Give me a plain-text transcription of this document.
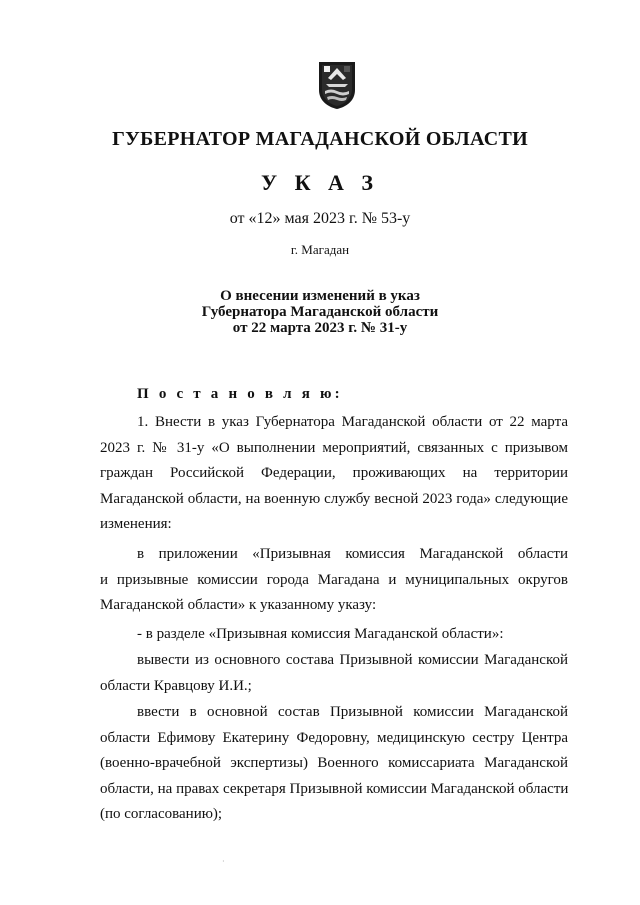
ГУБЕРНАТОР МАГАДАНСКОЙ ОБЛАСТИ
У К А З
от «12» мая 2023 г. № 53-у
г. Магадан
О внесении изменений в указ
Губернатора Магаданской области
от 22 марта 2023 г. № 31-у
П о с т а н о в л я ю:
1. Внести в указ Губернатора Магаданской области от 22 марта
2023 г. № 31-у «О выполнении мероприятий, связанных с призывом
граждан Российской Федерации, проживающих на территории
Магаданской области, на военную службу весной 2023 года» следующие
изменения:
в приложении «Призывная комиссия Магаданской области
и призывные комиссии города Магадана и муниципальных округов
Магаданской области» к указанному указу:
- в разделе «Призывная комиссия Магаданской области»:
вывести из основного состава Призывной комиссии Магаданской
области Кравцову И.И.;
ввести в основной состав Призывной комиссии Магаданской
области Ефимову Екатерину Федоровну, медицинскую сестру Центра
(военно-врачебной экспертизы) Военного комиссариата Магаданской
области, на правах секретаря Призывной комиссии Магаданской области
(по согласованию);
·
